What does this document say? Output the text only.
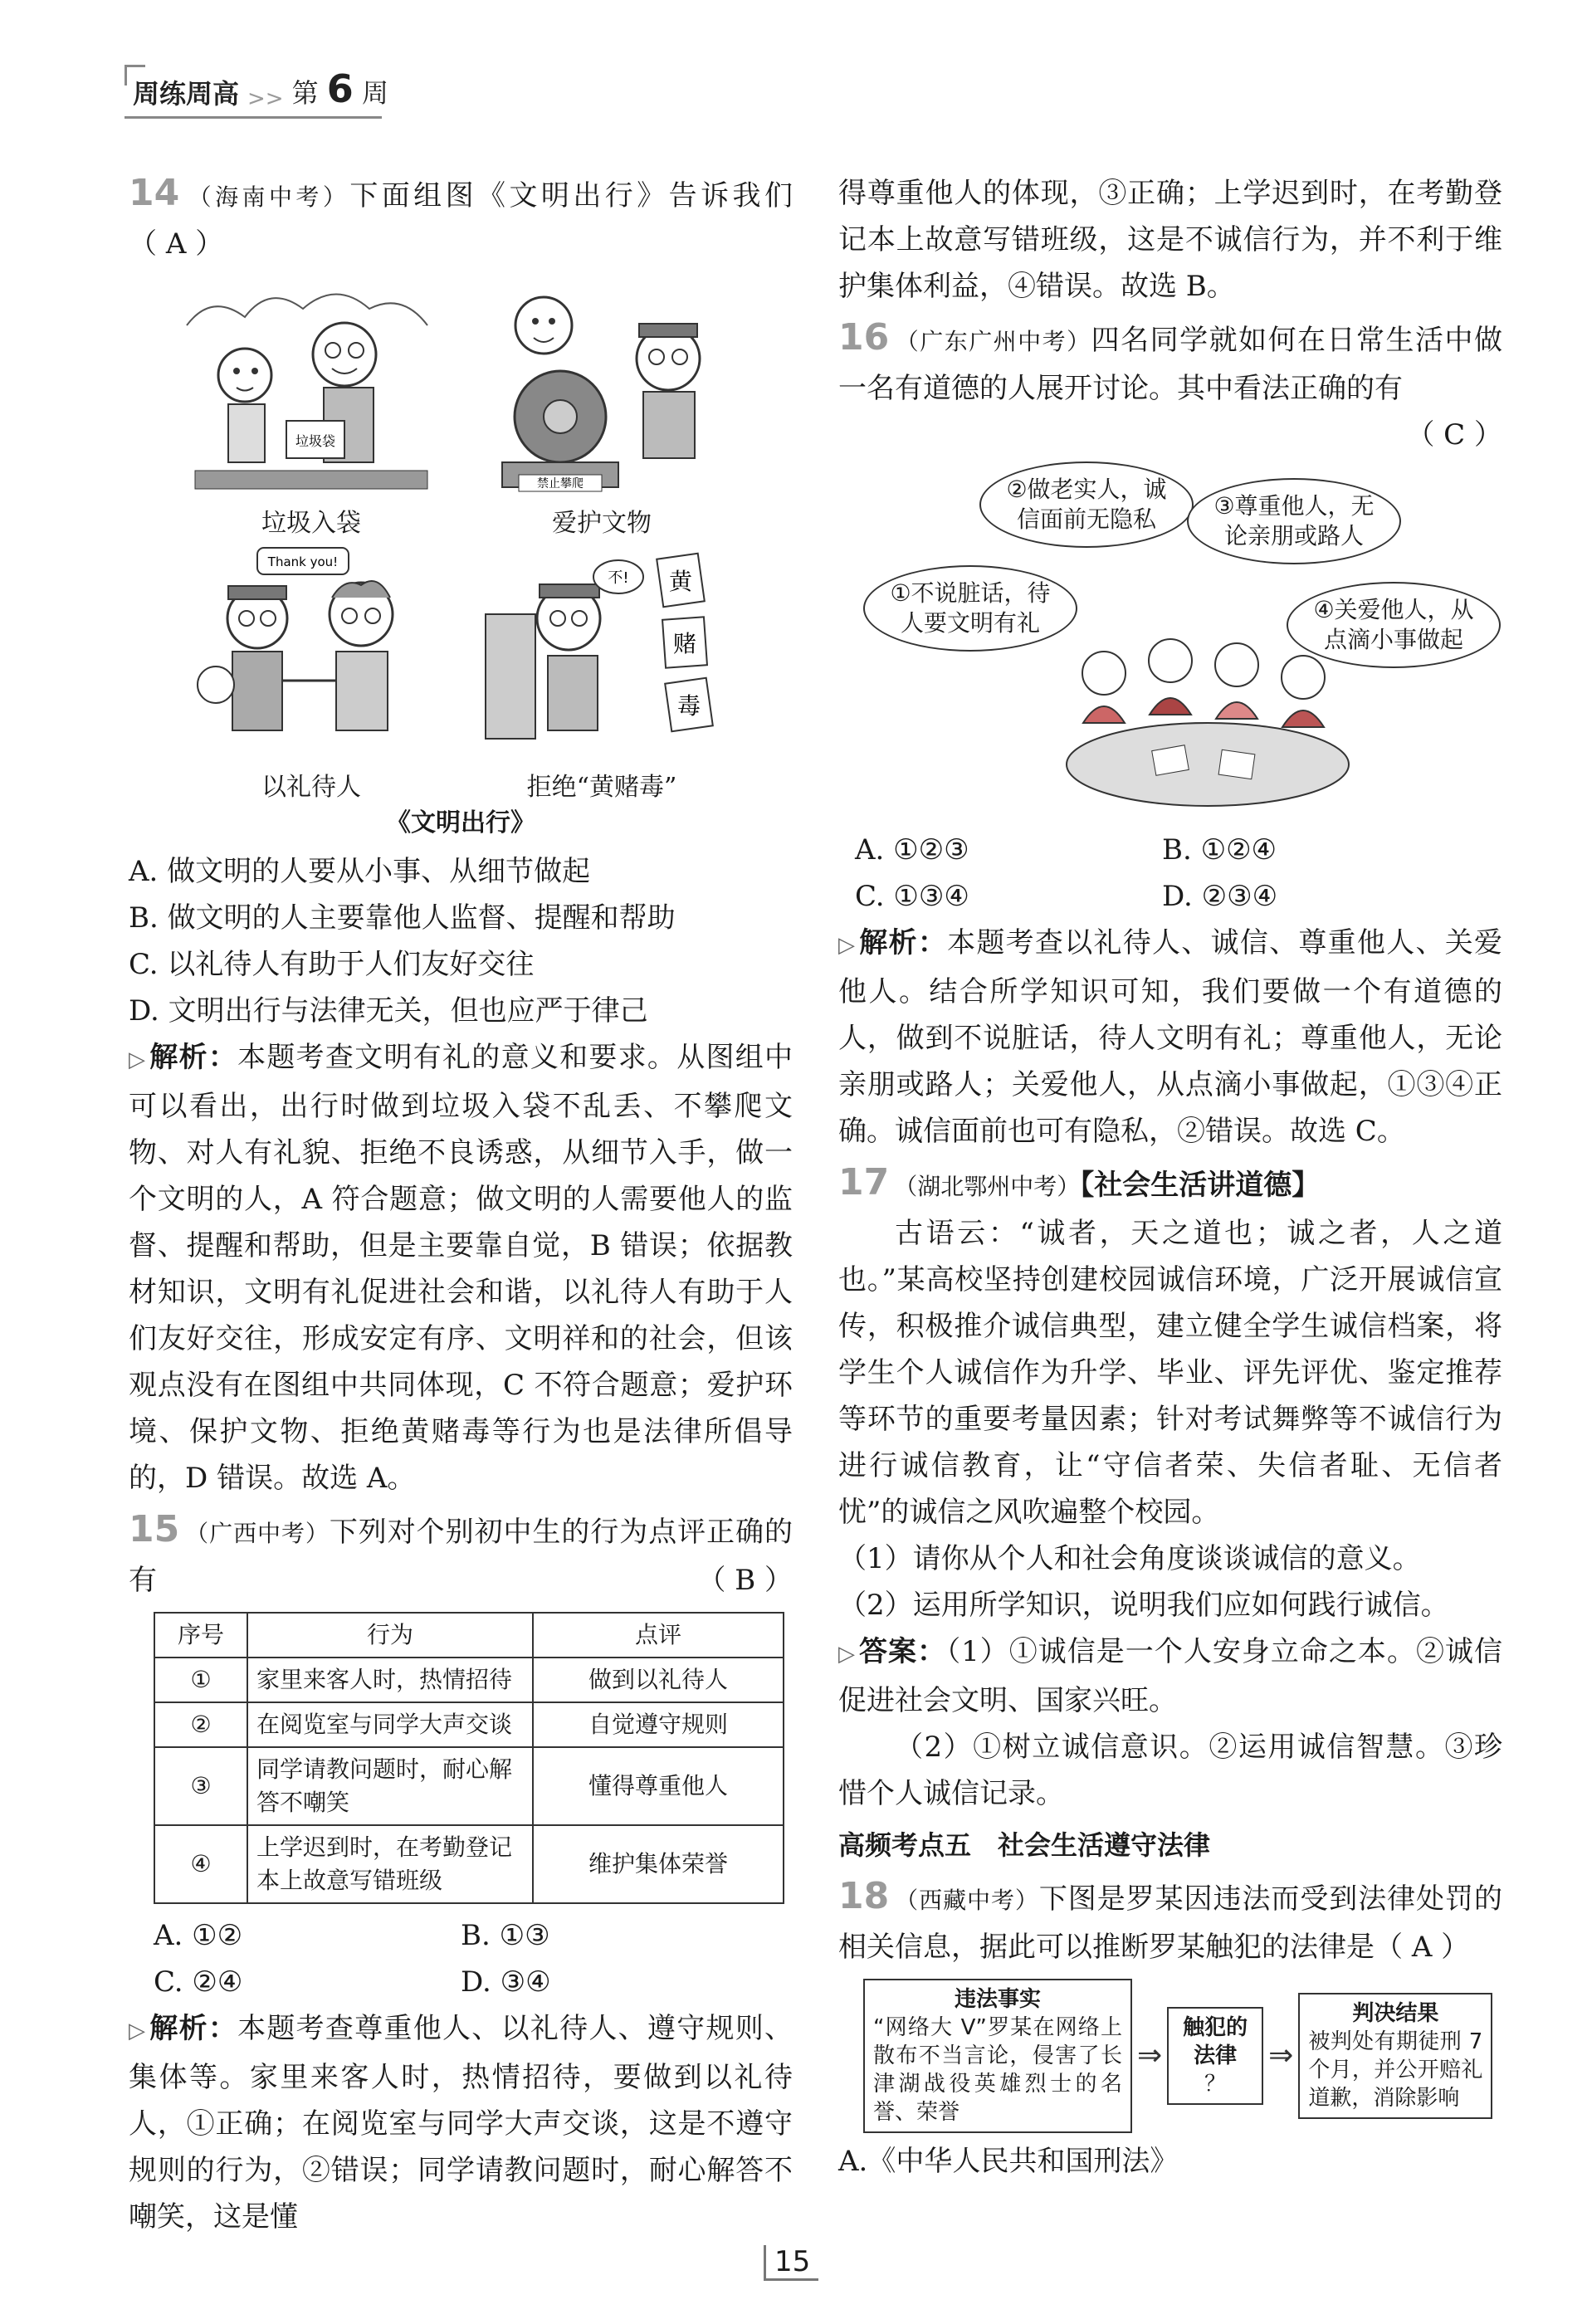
周练周高 >> 第 6 周

14 （海南中考）下面组图《文明出行》告诉我们（ A ）

垃圾袋
垃圾入袋
禁止攀爬
爱护文物
Thank you!
以礼待人
不! 黄
赌
毒
拒绝“黄赌毒”
《文明出行》

A. 做文明的人要从小事、从细节做起

B. 做文明的人主要靠他人监督、提醒和帮助

C. 以礼待人有助于人们友好交往

D. 文明出行与法律无关，但也应严于律己

▷ 解析：本题考查文明有礼的意义和要求。从图组中可以看出，出行时做到垃圾入袋不乱丢、不攀爬文物、对人有礼貌、拒绝不良诱惑，从细节入手，做一个文明的人，A 符合题意；做文明的人需要他人的监督、提醒和帮助，但是主要靠自觉，B 错误；依据教材知识，文明有礼促进社会和谐，以礼待人有助于人们友好交往，形成安定有序、文明祥和的社会，但该观点没有在图组中共同体现，C 不符合题意；爱护环境、保护文物、拒绝黄赌毒等行为也是法律所倡导的，D 错误。故选 A。

15 （广西中考）下列对个别初中生的行为点评正确的有	（ B ）

序号	行为	点评
①	家里来客人时，热情招待	做到以礼待人
②	在阅览室与同学大声交谈	自觉遵守规则
③	同学请教问题时，耐心解答不嘲笑	懂得尊重他人
④	上学迟到时，在考勤登记本上故意写错班级	维护集体荣誉
A. ①②	B. ①③
C. ②④	D. ③④

▷ 解析：本题考查尊重他人、以礼待人、遵守规则、集体等。家里来客人时，热情招待，要做到以礼待人，①正确；在阅览室与同学大声交谈，这是不遵守规则的行为，②错误；同学请教问题时，耐心解答不嘲笑，这是懂

得尊重他人的体现，③正确；上学迟到时，在考勤登记本上故意写错班级，这是不诚信行为，并不利于维护集体利益，④错误。故选 B。

16 （广东广州中考）四名同学就如何在日常生活中做一名有道德的人展开讨论。其中看法正确的有

（ C ）

②做老实人，诚信面前无隐私	③尊重他人，无论亲朋或路人
①不说脏话，待人要文明有礼	④关爱他人，从点滴小事做起
A. ①②③	B. ①②④
C. ①③④	D. ②③④

▷ 解析：本题考查以礼待人、诚信、尊重他人、关爱他人。结合所学知识可知，我们要做一个有道德的人，做到不说脏话，待人文明有礼；尊重他人，无论亲朋或路人；关爱他人，从点滴小事做起，①③④正确。诚信面前也可有隐私，②错误。故选 C。

17 （湖北鄂州中考）【社会生活讲道德】

古语云：“诚者，天之道也；诚之者，人之道也。”某高校坚持创建校园诚信环境，广泛开展诚信宣传，积极推介诚信典型，建立健全学生诚信档案，将学生个人诚信作为升学、毕业、评先评优、鉴定推荐等环节的重要考量因素；针对考试舞弊等不诚信行为进行诚信教育，让“守信者荣、失信者耻、无信者忧”的诚信之风吹遍整个校园。

（1）请你从个人和社会角度谈谈诚信的意义。

（2）运用所学知识，说明我们应如何践行诚信。

▷ 答案：（1）①诚信是一个人安身立命之本。②诚信促进社会文明、国家兴旺。

（2）①树立诚信意识。②运用诚信智慧。③珍惜个人诚信记录。

高频考点五　社会生活遵守法律

18 （西藏中考）下图是罗某因违法而受到法律处罚的相关信息，据此可以推断罗某触犯的法律是（ A ）

违法事实
“网络大 V”罗某在网络上散布不当言论，侵害了长津湖战役英雄烈士的名誉、荣誉
⇒
触犯的法律
？
⇒
判决结果
被判处有期徒刑 7 个月，并公开赔礼道歉，消除影响

A.《中华人民共和国刑法》

15
